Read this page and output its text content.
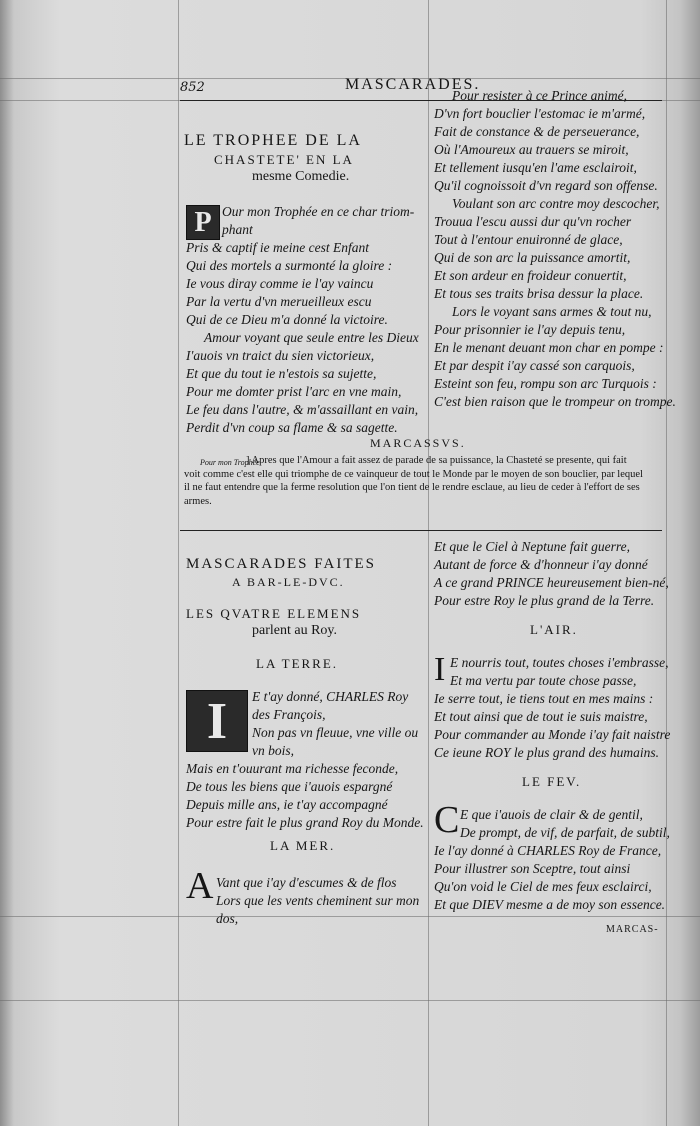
852	MASCARADES.
LE TROPHEE DE LA
CHASTETE' EN LA
mesme Comedie.
P Our mon Trophée en ce char triom-
phant
Pris & captif ie meine cest Enfant
Qui des mortels a surmonté la gloire :
Ie vous diray comme ie l'ay vaincu
Par la vertu d'vn merueilleux escu
Qui de ce Dieu m'a donné la victoire.
Amour voyant que seule entre les Dieux
I'auois vn traict du sien victorieux,
Et que du tout ie n'estois sa sujette,
Pour me domter prist l'arc en vne main,
Le feu dans l'autre, & m'assaillant en vain,
Perdit d'vn coup sa flame & sa sagette.
Pour resister à ce Prince animé,
D'vn fort bouclier l'estomac ie m'armé,
Fait de constance & de perseuerance,
Où l'Amoureux au trauers se miroit,
Et tellement iusqu'en l'ame esclairoit,
Qu'il cognoissoit d'vn regard son offense.
Voulant son arc contre moy descocher,
Trouua l'escu aussi dur qu'vn rocher
Tout à l'entour enuironné de glace,
Qui de son arc la puissance amortit,
Et son ardeur en froideur conuertit,
Et tous ses traits brisa dessur la place.
Lors le voyant sans armes & tout nu,
Pour prisonnier ie l'ay depuis tenu,
En le menant deuant mon char en pompe :
Et par despit i'ay cassé son carquois,
Esteint son feu, rompu son arc Turquois :
C'est bien raison que le trompeur on trompe.
MARCASSVS.
Pour mon Trophée
] Apres que l'Amour a fait assez de parade de sa puissance, la Chasteté se presente, qui fait
voit comme c'est elle qui triomphe de ce vainqueur de tout le Monde par le moyen de son bouclier, par lequel
il ne faut entendre que la ferme resolution que l'on tient de le rendre esclaue, au lieu de ceder à l'effort de ses
armes.
MASCARADES FAITES
A BAR-LE-DVC.
LES QVATRE ELEMENS
parlent au Roy.
LA TERRE.
I	E t'ay donné, CHARLES Roy
des François,
Non pas vn fleuue, vne ville ou
vn bois,
Mais en t'ouurant ma richesse feconde,
De tous les biens que i'auois espargné
Depuis mille ans, ie t'ay accompagné
Pour estre fait le plus grand Roy du Monde.
LA MER.
A Vant que i'ay d'escumes & de flos
Lors que les vents cheminent sur mon
dos,
Et que le Ciel à Neptune fait guerre,
Autant de force & d'honneur i'ay donné
A ce grand PRINCE heureusement bien-né,
Pour estre Roy le plus grand de la Terre.
L'AIR.
I E nourris tout, toutes choses i'embrasse,
Et ma vertu par toute chose passe,
Ie serre tout, ie tiens tout en mes mains :
Et tout ainsi que de tout ie suis maistre,
Pour commander au Monde i'ay fait naistre
Ce ieune ROY le plus grand des humains.
LE FEV.
C E que i'auois de clair & de gentil,
De prompt, de vif, de parfait, de subtil,
Ie l'ay donné à CHARLES Roy de France,
Pour illustrer son Sceptre, tout ainsi
Qu'on void le Ciel de mes feux esclairci,
Et que DIEV mesme a de moy son essence.
MARCAS-
